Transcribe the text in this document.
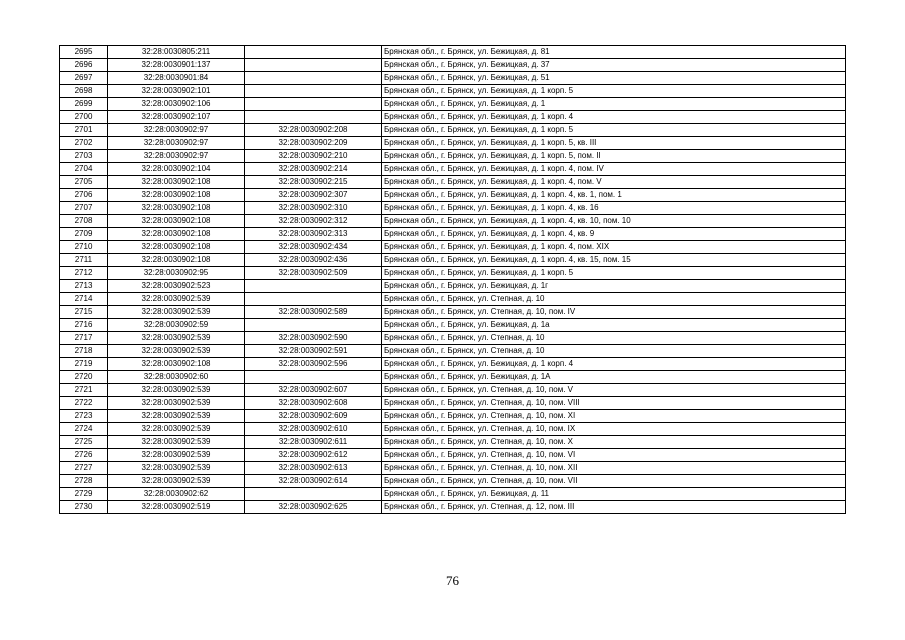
2695	32:28:0030805:211		Брянская обл., г. Брянск, ул. Бежицкая, д. 81
2696	32:28:0030901:137		Брянская обл., г. Брянск, ул. Бежицкая, д. 37
2697	32:28:0030901:84		Брянская обл., г. Брянск, ул. Бежицкая, д. 51
2698	32:28:0030902:101		Брянская обл., г. Брянск, ул. Бежицкая, д. 1 корп. 5
2699	32:28:0030902:106		Брянская обл., г. Брянск, ул. Бежицкая, д. 1
2700	32:28:0030902:107		Брянская обл., г. Брянск, ул. Бежицкая, д. 1 корп. 4
2701	32:28:0030902:97	32:28:0030902:208	Брянская обл., г. Брянск, ул. Бежицкая, д. 1 корп. 5
2702	32:28:0030902:97	32:28:0030902:209	Брянская обл., г. Брянск, ул. Бежицкая, д. 1 корп. 5, кв. III
2703	32:28:0030902:97	32:28:0030902:210	Брянская обл., г. Брянск, ул. Бежицкая, д. 1 корп. 5, пом. II
2704	32:28:0030902:104	32:28:0030902:214	Брянская обл., г. Брянск, ул. Бежицкая, д. 1 корп. 4, пом. IV
2705	32:28:0030902:108	32:28:0030902:215	Брянская обл., г. Брянск, ул. Бежицкая, д. 1 корп. 4, пом. V
2706	32:28:0030902:108	32:28:0030902:307	Брянская обл., г. Брянск, ул. Бежицкая, д. 1 корп. 4, кв. 1, пом. 1
2707	32:28:0030902:108	32:28:0030902:310	Брянская обл., г. Брянск, ул. Бежицкая, д. 1 корп. 4, кв. 16
2708	32:28:0030902:108	32:28:0030902:312	Брянская обл., г. Брянск, ул. Бежицкая, д. 1 корп. 4, кв. 10, пом. 10
2709	32:28:0030902:108	32:28:0030902:313	Брянская обл., г. Брянск, ул. Бежицкая, д. 1 корп. 4, кв. 9
2710	32:28:0030902:108	32:28:0030902:434	Брянская обл., г. Брянск, ул. Бежицкая, д. 1 корп. 4, пом. XIX
2711	32:28:0030902:108	32:28:0030902:436	Брянская обл., г. Брянск, ул. Бежицкая, д. 1 корп. 4, кв. 15, пом. 15
2712	32:28:0030902:95	32:28:0030902:509	Брянская обл., г. Брянск, ул. Бежицкая, д. 1 корп. 5
2713	32:28:0030902:523		Брянская обл., г. Брянск, ул. Бежицкая, д. 1г
2714	32:28:0030902:539		Брянская обл., г. Брянск, ул. Степная, д. 10
2715	32:28:0030902:539	32:28:0030902:589	Брянская обл., г. Брянск, ул. Степная, д. 10, пом. IV
2716	32:28:0030902:59		Брянская обл., г. Брянск, ул. Бежицкая, д. 1а
2717	32:28:0030902:539	32:28:0030902:590	Брянская обл., г. Брянск, ул. Степная, д. 10
2718	32:28:0030902:539	32:28:0030902:591	Брянская обл., г. Брянск, ул. Степная, д. 10
2719	32:28:0030902:108	32:28:0030902:596	Брянская обл., г. Брянск, ул. Бежицкая, д. 1 корп. 4
2720	32:28:0030902:60		Брянская обл., г. Брянск, ул. Бежицкая, д. 1А
2721	32:28:0030902:539	32:28:0030902:607	Брянская обл., г. Брянск, ул. Степная, д. 10, пом. V
2722	32:28:0030902:539	32:28:0030902:608	Брянская обл., г. Брянск, ул. Степная, д. 10, пом. VIII
2723	32:28:0030902:539	32:28:0030902:609	Брянская обл., г. Брянск, ул. Степная, д. 10, пом. XI
2724	32:28:0030902:539	32:28:0030902:610	Брянская обл., г. Брянск, ул. Степная, д. 10, пом. IX
2725	32:28:0030902:539	32:28:0030902:611	Брянская обл., г. Брянск, ул. Степная, д. 10, пом. X
2726	32:28:0030902:539	32:28:0030902:612	Брянская обл., г. Брянск, ул. Степная, д. 10, пом. VI
2727	32:28:0030902:539	32:28:0030902:613	Брянская обл., г. Брянск, ул. Степная, д. 10, пом. XII
2728	32:28:0030902:539	32:28:0030902:614	Брянская обл., г. Брянск, ул. Степная, д. 10, пом. VII
2729	32:28:0030902:62		Брянская обл., г. Брянск, ул. Бежицкая, д. 11
2730	32:28:0030902:519	32:28:0030902:625	Брянская обл., г. Брянск, ул. Степная, д. 12, пом. III
76
